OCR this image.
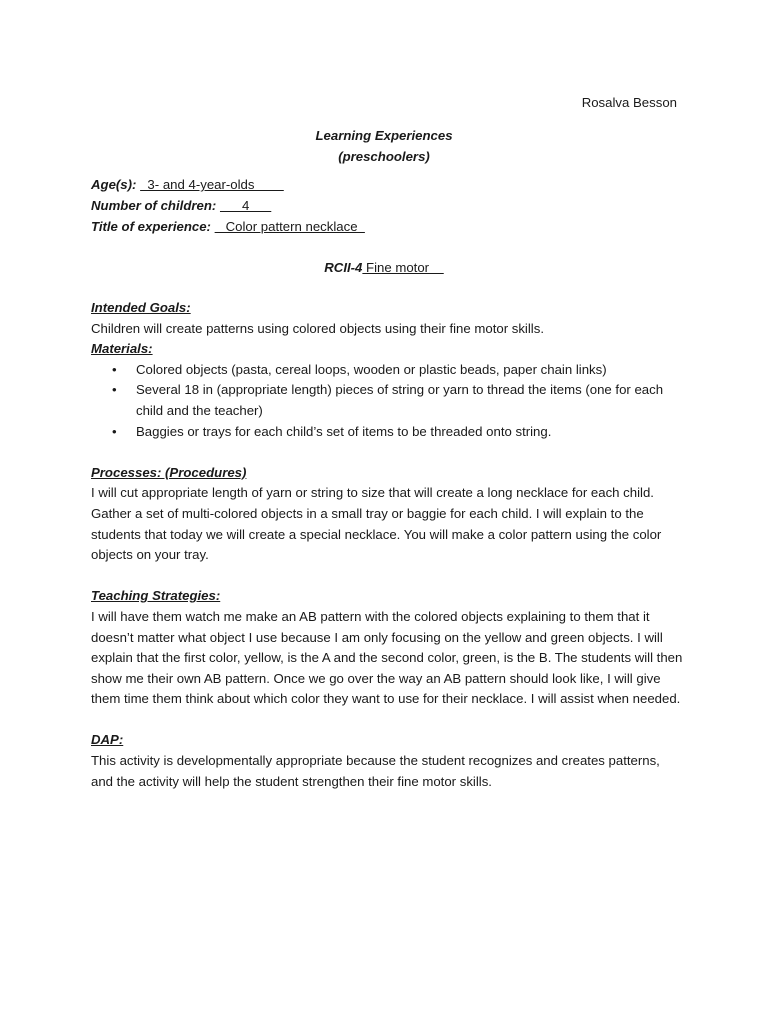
Rosalva Besson
Learning Experiences
(preschoolers)
Age(s):   3- and 4-year-olds
Number of children:       4
Title of experience:    Color pattern necklace
RCII-4 Fine motor
Intended Goals:

Children will create patterns using colored objects using their fine motor skills.

Materials:
• Colored objects (pasta, cereal loops, wooden or plastic beads, paper chain links)
• Several 18 in (appropriate length) pieces of string or yarn to thread the items (one for each child and the teacher)
• Baggies or trays for each child’s set of items to be threaded onto string.
Processes: (Procedures)

I will cut appropriate length of yarn or string to size that will create a long necklace for each child. Gather a set of multi-colored objects in a small tray or baggie for each child. I will explain to the students that today we will create a special necklace. You will make a color pattern using the color objects on your tray.

Teaching Strategies:

I will have them watch me make an AB pattern with the colored objects explaining to them that it doesn’t matter what object I use because I am only focusing on the yellow and green objects. I will explain that the first color, yellow, is the A and the second color, green, is the B. The students will then show me their own AB pattern. Once we go over the way an AB pattern should look like, I will give them time them think about which color they want to use for their necklace. I will assist when needed.

DAP:

This activity is developmentally appropriate because the student recognizes and creates patterns, and the activity will help the student strengthen their fine motor skills.
